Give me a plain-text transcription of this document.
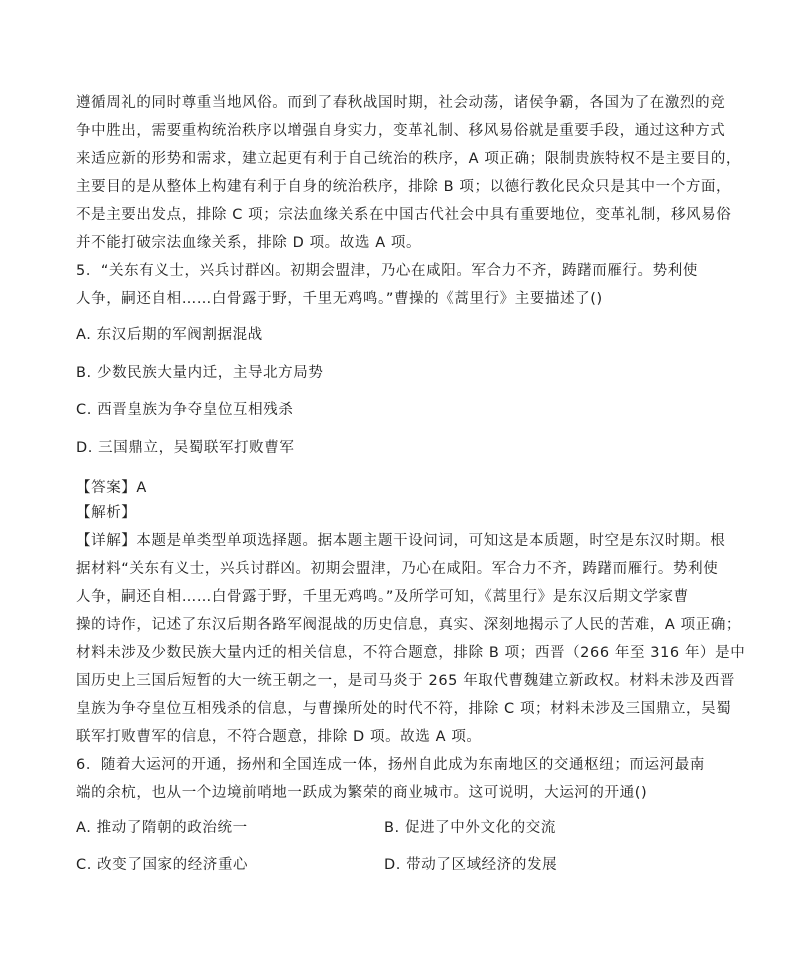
遵循周礼的同时尊重当地风俗。而到了春秋战国时期，社会动荡，诸侯争霸，各国为了在激烈的竞
争中胜出，需要重构统治秩序以增强自身实力，变革礼制、移风易俗就是重要手段，通过这种方式
来适应新的形势和需求，建立起更有利于自己统治的秩序，A 项正确；限制贵族特权不是主要目的，
主要目的是从整体上构建有利于自身的统治秩序，排除 B 项；以德行教化民众只是其中一个方面，
不是主要出发点，排除 C 项；宗法血缘关系在中国古代社会中具有重要地位，变革礼制，移风易俗
并不能打破宗法血缘关系，排除 D 项。故选 A 项。
5．“关东有义士，兴兵讨群凶。初期会盟津，乃心在咸阳。军合力不齐，踌躇而雁行。势利使
人争，嗣还自相……白骨露于野，千里无鸡鸣。”曹操的《蒿里行》主要描述了()
A. 东汉后期的军阀割据混战
B. 少数民族大量内迁，主导北方局势
C. 西晋皇族为争夺皇位互相残杀
D. 三国鼎立，吴蜀联军打败曹军
【答案】A
【解析】
【详解】本题是单类型单项选择题。据本题主题干设问词，可知这是本质题，时空是东汉时期。根
据材料“关东有义士，兴兵讨群凶。初期会盟津，乃心在咸阳。军合力不齐，踌躇而雁行。势利使
人争，嗣还自相……白骨露于野，千里无鸡鸣。”及所学可知，《蒿里行》是东汉后期文学家曹
操的诗作，记述了东汉后期各路军阀混战的历史信息，真实、深刻地揭示了人民的苦难，A 项正确；
材料未涉及少数民族大量内迁的相关信息，不符合题意，排除 B 项；西晋（266 年至 316 年）是中
国历史上三国后短暂的大一统王朝之一，是司马炎于 265 年取代曹魏建立新政权。材料未涉及西晋
皇族为争夺皇位互相残杀的信息，与曹操所处的时代不符，排除 C 项；材料未涉及三国鼎立，吴蜀
联军打败曹军的信息，不符合题意，排除 D 项。故选 A 项。
6．随着大运河的开通，扬州和全国连成一体，扬州自此成为东南地区的交通枢纽；而运河最南
端的余杭，也从一个边境前哨地一跃成为繁荣的商业城市。这可说明，大运河的开通()
A. 推动了隋朝的政治统一	B. 促进了中外文化的交流
C. 改变了国家的经济重心	D. 带动了区域经济的发展
